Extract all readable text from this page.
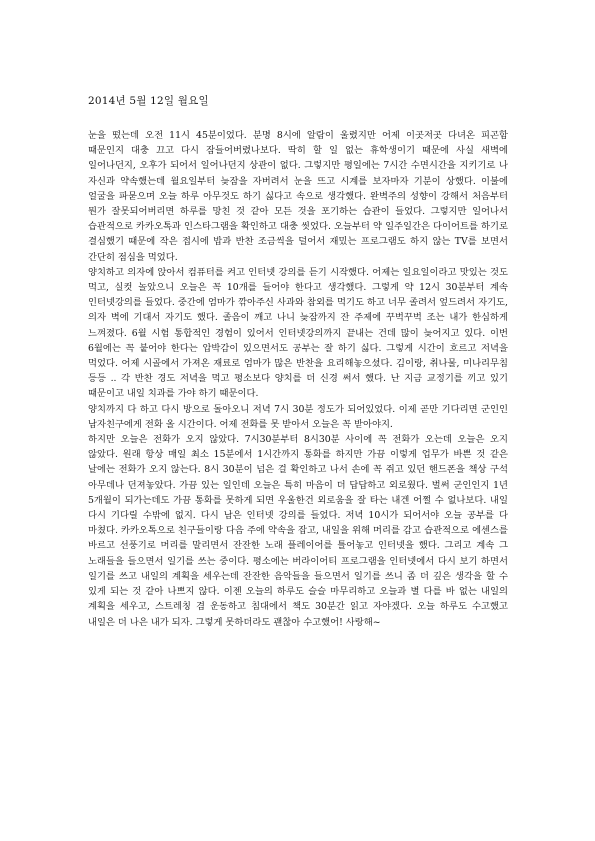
2014년 5월 12일 월요일

눈을 떴는데 오전 11시 45분이었다. 분명 8시에 알람이 울렸지만 어제 이곳저곳 다녀온 피곤함 때문인지 대충 끄고 다시 잠들어버렸나보다. 딱히 할 일 없는 휴학생이기 때문에 사실 새벽에 일어나던지, 오후가 되어서 일어나던지 상관이 없다. 그렇지만 평일에는 7시간 수면시간을 지키기로 나 자신과 약속했는데 월요일부터 늦잠을 자버려서 눈을 뜨고 시계를 보자마자 기분이 상했다. 이불에 얼굴을 파묻으며 오늘 하루 아무것도 하기 싫다고 속으로 생각했다. 완벽주의 성향이 강해서 처음부터 뭔가 잘못되어버리면 하루를 망친 것 같아 모든 것을 포기하는 습관이 들었다. 그렇지만 일어나서 습관적으로 카카오톡과 인스타그램을 확인하고 대충 씻었다. 오늘부터 약 일주일간은 다이어트를 하기로 결심했기 때문에 작은 접시에 밥과 반찬 조금씩을 덜어서 재밌는 프로그램도 하지 않는 TV를 보면서 간단히 점심을 먹었다.

양치하고 의자에 앉아서 컴퓨터를 켜고 인터넷 강의를 듣기 시작했다. 어제는 일요일이라고 맛있는 것도 먹고, 실컷 놀았으니 오늘은 꼭 10개를 들어야 한다고 생각했다. 그렇게 약 12시 30분부터 계속 인터넷강의를 들었다. 중간에 엄마가 깎아주신 사과와 참외를 먹기도 하고 너무 졸려서 엎드려서 자기도, 의자 벽에 기대서 자기도 했다. 졸음이 깨고 나니 늦잠까지 잔 주제에 꾸벅꾸벅 조는 내가 한심하게 느껴졌다. 6월 시험 통합적인 경험이 있어서 인터넷강의까지 끝내는 건데 많이 늦어지고 있다. 이번 6월에는 꼭 붙어야 한다는 압박감이 있으면서도 공부는 잘 하기 싫다. 그렇게 시간이 흐르고 저녁을 먹었다. 어제 시골에서 가져온 재료로 엄마가 많은 반찬을 요리해놓으셨다. 김이랑, 취나물, 미나리무침 등등 .. 각 반찬 경도 저녁을 먹고 평소보다 양치를 더 신경 써서 했다. 난 지금 교정기를 끼고 있기 때문이고 내일 치과를 가야 하기 때문이다.

양치까지 다 하고 다시 방으로 돌아오니 저녁 7시 30분 정도가 되어있었다. 이제 곧만 기다리면 군인인 남자친구에게 전화 올 시간이다. 어제 전화를 못 받아서 오늘은 꼭 받아야지.

하지만 오늘은 전화가 오지 않았다. 7시30분부터 8시30분 사이에 꼭 전화가 오는데 오늘은 오지 않았다. 원래 항상 매일 최소 15분에서 1시간까지 통화를 하지만 가끔 이렇게 업무가 바쁜 것 같은 날에는 전화가 오지 않는다. 8시 30분이 넘은 걸 확인하고 나서 손에 꼭 쥐고 있던 핸드폰을 책상 구석 아무데나 던져놓았다. 가끔 있는 일인데 오늘은 특히 마음이 더 답답하고 외로웠다. 벌써 군인인지 1년 5개월이 되가는데도 가끔 통화를 못하게 되면 우울한건 외로움을 잘 타는 내겐 어쩔 수 없나보다. 내일 다시 기다릴 수밖에 없지. 다시 남은 인터넷 강의를 들었다. 저녁 10시가 되어서야 오늘 공부를 다 마쳤다. 카카오톡으로 친구들이랑 다음 주에 약속을 잡고, 내일을 위해 머리를 감고 습관적으로 에센스를 바르고 선풍기로 머리를 말리면서 잔잔한 노래 플레이어를 틀어놓고 인터넷을 했다. 그리고 계속 그 노래들을 들으면서 일기를 쓰는 중이다. 평소에는 버라이어티 프로그램을 인터넷에서 다시 보기 하면서 일기를 쓰고 내일의 계획을 세우는데 잔잔한 음악들을 들으면서 일기를 쓰니 좀 더 깊은 생각을 할 수 있게 되는 것 같아 나쁘지 않다. 이젠 오늘의 하루도 슬슬 마무리하고 오늘과 별 다를 바 없는 내일의 계획을 세우고, 스트레칭 겸 운동하고 침대에서 책도 30분간 읽고 자야겠다. 오늘 하루도 수고했고 내일은 더 나은 내가 되자. 그렇게 못하더라도 괜찮아 수고했어! 사랑해~
